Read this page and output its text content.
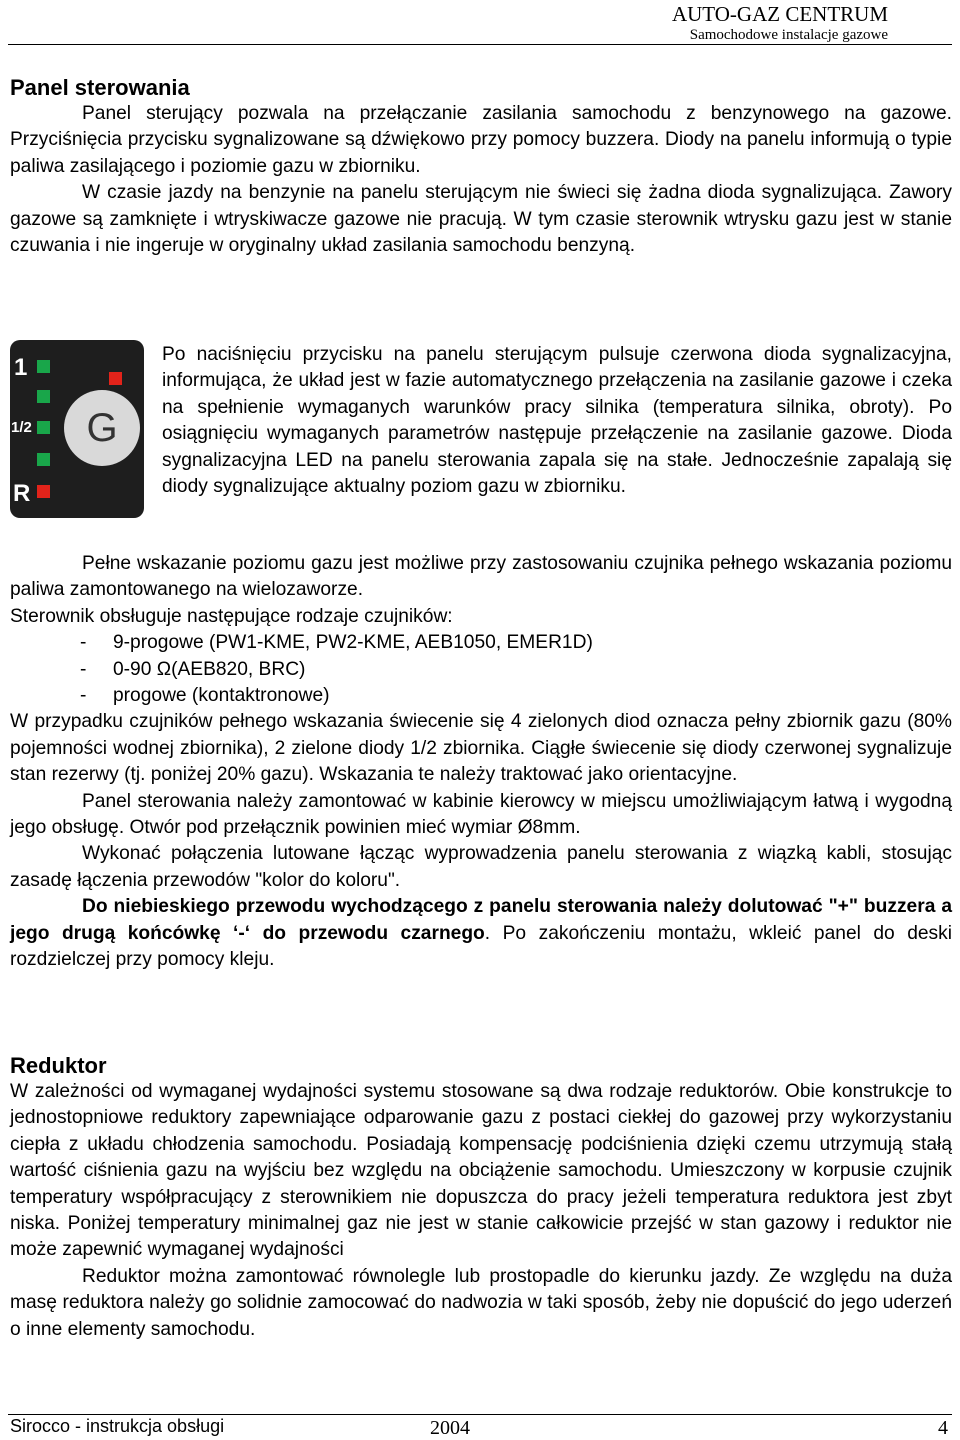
AUTO-GAZ CENTRUM
Samochodowe instalacje gazowe
Panel sterowania

Panel sterujący pozwala na przełączanie zasilania samochodu z benzynowego na gazowe. Przyciśnięcia przycisku sygnalizowane są dźwiękowo przy pomocy buzzera. Diody na panelu informują o typie paliwa zasilającego i poziomie gazu w zbiorniku.

W czasie jazdy na benzynie na panelu sterującym nie świeci się żadna dioda sygnalizująca. Zawory gazowe są zamknięte i wtryskiwacze gazowe nie pracują. W tym czasie sterownik wtrysku gazu jest w stanie czuwania i nie ingeruje w oryginalny układ zasilania samochodu benzyną.

1
1/2
R
G

Po naciśnięciu przycisku na panelu sterującym pulsuje czerwona dioda sygnalizacyjna, informująca, że układ jest w fazie automatycznego przełączenia na zasilanie gazowe i czeka na spełnienie wymaganych warunków pracy silnika (temperatura silnika, obroty). Po osiągnięciu wymaganych parametrów następuje przełączenie na zasilanie gazowe. Dioda sygnalizacyjna LED na panelu sterowania zapala się na stałe. Jednocześnie zapalają się diody sygnalizujące aktualny poziom gazu w zbiorniku.

Pełne wskazanie poziomu gazu jest możliwe przy zastosowaniu czujnika pełnego wskazania poziomu paliwa zamontowanego na wielozaworze.

Sterownik obsługuje następujące rodzaje czujników:

- 9-progowe (PW1-KME, PW2-KME, AEB1050, EMER1D)
- 0-90 Ω(AEB820, BRC)
- progowe (kontaktronowe)

W przypadku czujników pełnego wskazania świecenie się 4 zielonych diod oznacza pełny zbiornik gazu (80% pojemności wodnej zbiornika), 2 zielone diody 1/2 zbiornika. Ciągłe świecenie się diody czerwonej sygnalizuje stan rezerwy (tj. poniżej 20% gazu). Wskazania te należy traktować jako orientacyjne.

Panel sterowania należy zamontować w kabinie kierowcy w miejscu umożliwiającym łatwą i wygodną jego obsługę. Otwór pod przełącznik powinien mieć wymiar Ø8mm.

Wykonać połączenia lutowane łącząc wyprowadzenia panelu sterowania z wiązką kabli, stosując zasadę łączenia przewodów "kolor do koloru".

Do niebieskiego przewodu wychodzącego z panelu sterowania należy dolutować "+" buzzera a jego drugą końcówkę ‘-‘ do przewodu czarnego. Po zakończeniu montażu, wkleić panel do deski rozdzielczej przy pomocy kleju.

Reduktor

W zależności od wymaganej wydajności systemu stosowane są dwa rodzaje reduktorów. Obie konstrukcje to jednostopniowe reduktory zapewniające odparowanie gazu z postaci ciekłej do gazowej przy wykorzystaniu ciepła z układu chłodzenia samochodu. Posiadają kompensację podciśnienia dzięki czemu utrzymują stałą wartość ciśnienia gazu na wyjściu bez względu na obciążenie samochodu. Umieszczony w korpusie czujnik temperatury współpracujący z sterownikiem nie dopuszcza do pracy jeżeli temperatura reduktora jest zbyt niska. Poniżej temperatury minimalnej gaz nie jest w stanie całkowicie przejść w stan gazowy i reduktor nie może zapewnić wymaganej wydajności

Reduktor można zamontować równolegle lub prostopadle do kierunku jazdy. Ze względu na duża masę reduktora należy go solidnie zamocować do nadwozia w taki sposób, żeby nie dopuścić do jego uderzeń o inne elementy samochodu.

Sirocco - instrukcja obsługi	2004	4
